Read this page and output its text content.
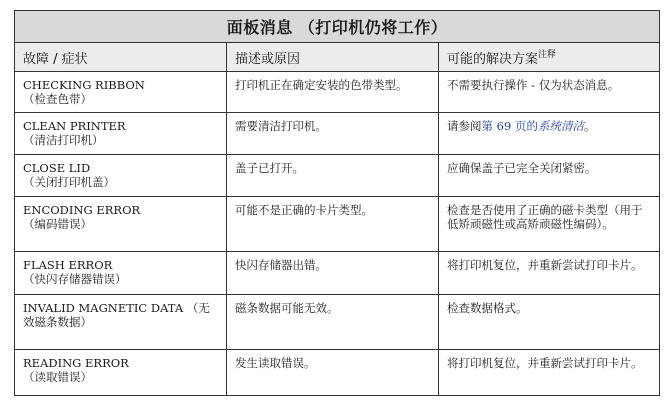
面板消息 （打印机仍将工作）		
故障 / 症状	描述或原因	可能的解决方案$^{注释}$

CHECKING RIBBON
（检查色带）	打印机正在确定安装的色带类型。	不需要执行操作 - 仅为状态消息。

CLEAN PRINTER
（清洁打印机）	需要清洁打印机。	请参阅第 69 页的系统清洁。

CLOSE LID
（关闭打印机盖）	盖子已打开。	应确保盖子已完全关闭紧密。

ENCODING ERROR
（编码错误）	可能不是正确的卡片类型。	检查是否使用了正确的磁卡类型（用于低矫顽磁性或高矫顽磁性编码）。

FLASH ERROR
（快闪存储器错误）	快闪存储器出错。	将打印机复位，并重新尝试打印卡片。

INVALID MAGNETIC DATA （无效磁条数据）	磁条数据可能无效。	检查数据格式。

READING ERROR
（读取错误）	发生读取错误。	将打印机复位，并重新尝试打印卡片。
